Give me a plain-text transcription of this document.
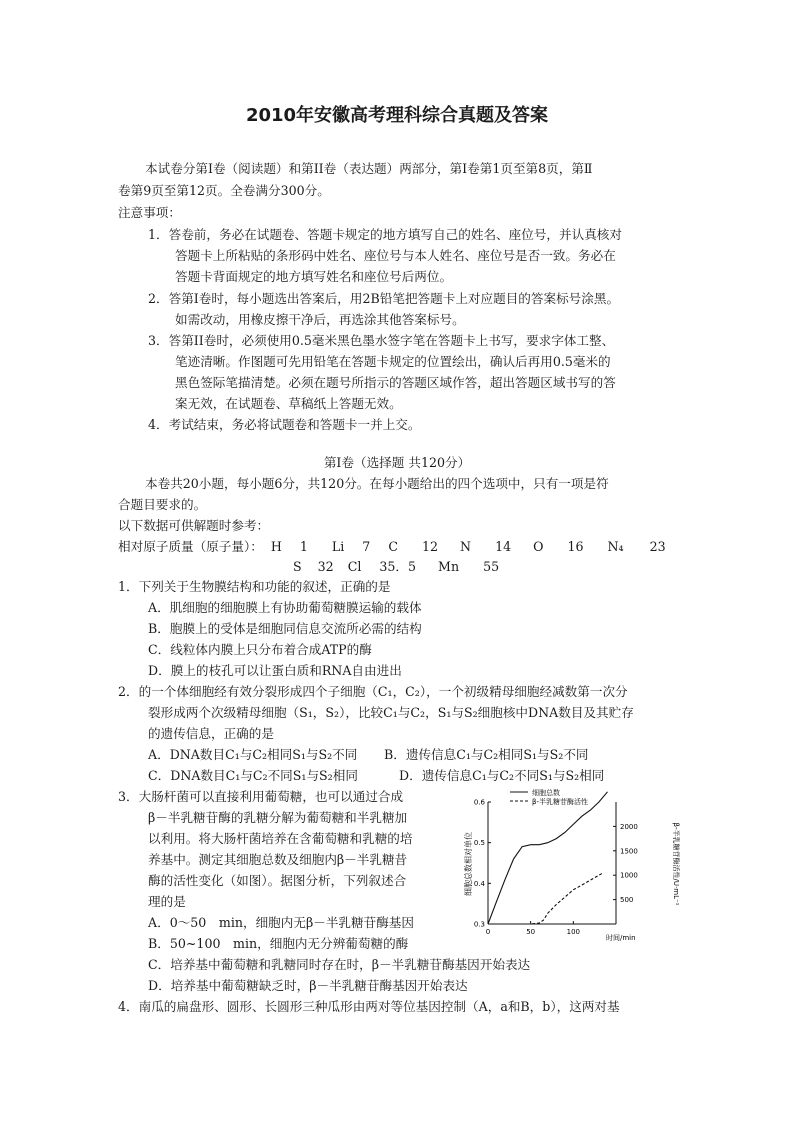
2010年安徽高考理科综合真题及答案
本试卷分第Ⅰ卷（阅读题）和第II卷（表达题）两部分，第Ⅰ卷第1页至第8页，第Ⅱ
卷第9页至第12页。全卷满分300分。
注意事项：
1．答卷前，务必在试题卷、答题卡规定的地方填写自己的姓名、座位号，并认真核对
答题卡上所粘贴的条形码中姓名、座位号与本人姓名、座位号是否一致。务必在
答题卡背面规定的地方填写姓名和座位号后两位。
2．答第Ⅰ卷时，每小题选出答案后，用2B铅笔把答题卡上对应题目的答案标号涂黑。
如需改动，用橡皮擦干净后，再选涂其他答案标号。
3．答第II卷时，必须使用0.5毫米黑色墨水签字笔在答题卡上书写，要求字体工整、
笔迹清晰。作图题可先用铅笔在答题卡规定的位置绘出，确认后再用0.5毫米的
黑色签际笔描清楚。必须在题号所指示的答题区域作答，超出答题区域书写的答
案无效，在试题卷、草稿纸上答题无效。
4．考试结束，务必将试题卷和答题卡一并上交。
第Ⅰ卷（选择题 共120分）
本卷共20小题，每小题6分，共120分。在每小题给出的四个选项中，只有一项是符
合题目要求的。
以下数据可供解题时参考：
相对原子质量（原子量）： H 1 Li 7 C 12 N 14 O 16 N₄ 23
S 32 Cl 35．5 Mn 55
1．下列关于生物膜结构和功能的叙述，正确的是
A．肌细胞的细胞膜上有协助葡萄糖膜运输的载体
B．胞膜上的受体是细胞同信息交流所必需的结构
C．线粒体内膜上只分布着合成ATP的酶
D．膜上的枝孔可以让蛋白质和RNA自由进出
2．的一个体细胞经有效分裂形成四个子细胞（C₁，C₂），一个初级精母细胞经减数第一次分
裂形成两个次级精母细胞（S₁，S₂），比较C₁与C₂，S₁与S₂细胞核中DNA数目及其贮存
的遗传信息，正确的是
A．DNA数目C₁与C₂相同S₁与S₂不同 B．遗传信息C₁与C₂相同S₁与S₂不同
C．DNA数目C₁与C₂不同S₁与S₂相同	D．遗传信息C₁与C₂不同S₁与S₂相同
3．大肠杆菌可以直接利用葡萄糖，也可以通过合成
β－半乳糖苷酶的乳糖分解为葡萄糖和半乳糖加
以利用。将大肠杆菌培养在含葡萄糖和乳糖的培
养基中。测定其细胞总数及细胞内β－半乳糖昔
酶的活性变化（如图）。据图分析，下列叙述合
理的是
A．0～50　min，细胞内无β－半乳糖苷酶基因
B．50~100　min，细胞内无分辨葡萄糖的酶
C．培养基中葡萄糖和乳糖同时存在时，β－半乳糖苷酶基因开始表达
D．培养基中葡萄糖缺乏时，β－半乳糖苷酶基因开始表达
4．南瓜的扁盘形、圆形、长圆形三种瓜形由两对等位基因控制（A，a和B，b），这两对基
0	50	100
0.3
0.4
0.5
0.6
500
1000
1500
2000
细胞总数
β-半乳糖苷酶活性
细胞总数相对单位	β-半乳糖苷酶活性/U·mL⁻¹
时间/min
